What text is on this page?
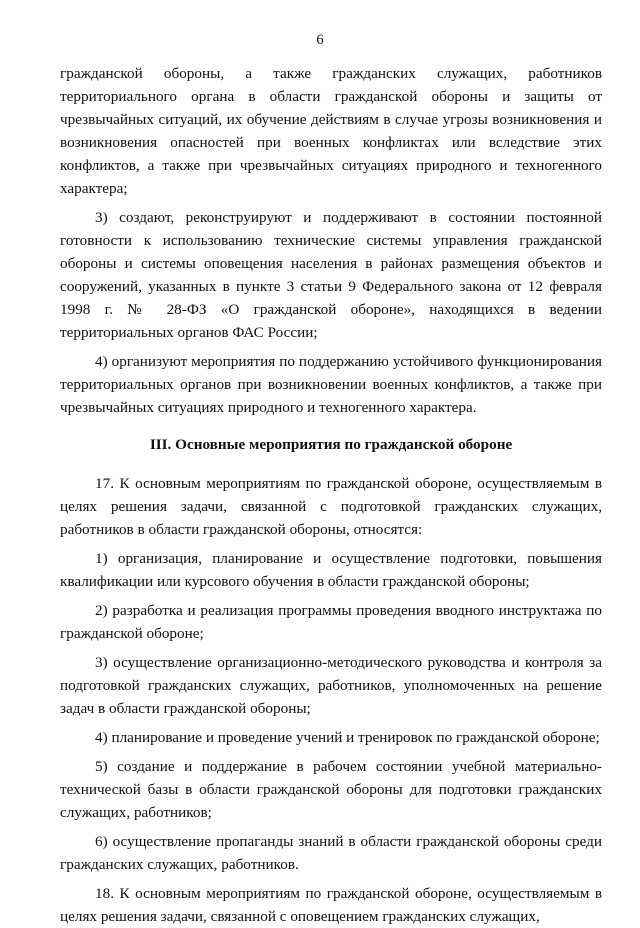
6

гражданской обороны, а также гражданских служащих, работников территориального органа в области гражданской обороны и защиты от чрезвычайных ситуаций, их обучение действиям в случае угрозы возникновения и возникновения опасностей при военных конфликтах или вследствие этих конфликтов, а также при чрезвычайных ситуациях природного и техногенного характера;

3) создают, реконструируют и поддерживают в состоянии постоянной готовности к использованию технические системы управления гражданской обороны и системы оповещения населения в районах размещения объектов и сооружений, указанных в пункте 3 статьи 9 Федерального закона от 12 февраля 1998 г. № 28-ФЗ «О гражданской обороне», находящихся в ведении территориальных органов ФАС России;

4) организуют мероприятия по поддержанию устойчивого функционирования территориальных органов при возникновении военных конфликтов, а также при чрезвычайных ситуациях природного и техногенного характера.

III. Основные мероприятия по гражданской обороне

17. К основным мероприятиям по гражданской обороне, осуществляемым в целях решения задачи, связанной с подготовкой гражданских служащих, работников в области гражданской обороны, относятся:

1) организация, планирование и осуществление подготовки, повышения квалификации или курсового обучения в области гражданской обороны;

2) разработка и реализация программы проведения вводного инструктажа по гражданской обороне;

3) осуществление организационно-методического руководства и контроля за подготовкой гражданских служащих, работников, уполномоченных на решение задач в области гражданской обороны;

4) планирование и проведение учений и тренировок по гражданской обороне;

5) создание и поддержание в рабочем состоянии учебной материально-технической базы в области гражданской обороны для подготовки гражданских служащих, работников;

6) осуществление пропаганды знаний в области гражданской обороны среди гражданских служащих, работников.

18. К основным мероприятиям по гражданской обороне, осуществляемым в целях решения задачи, связанной с оповещением гражданских служащих,
